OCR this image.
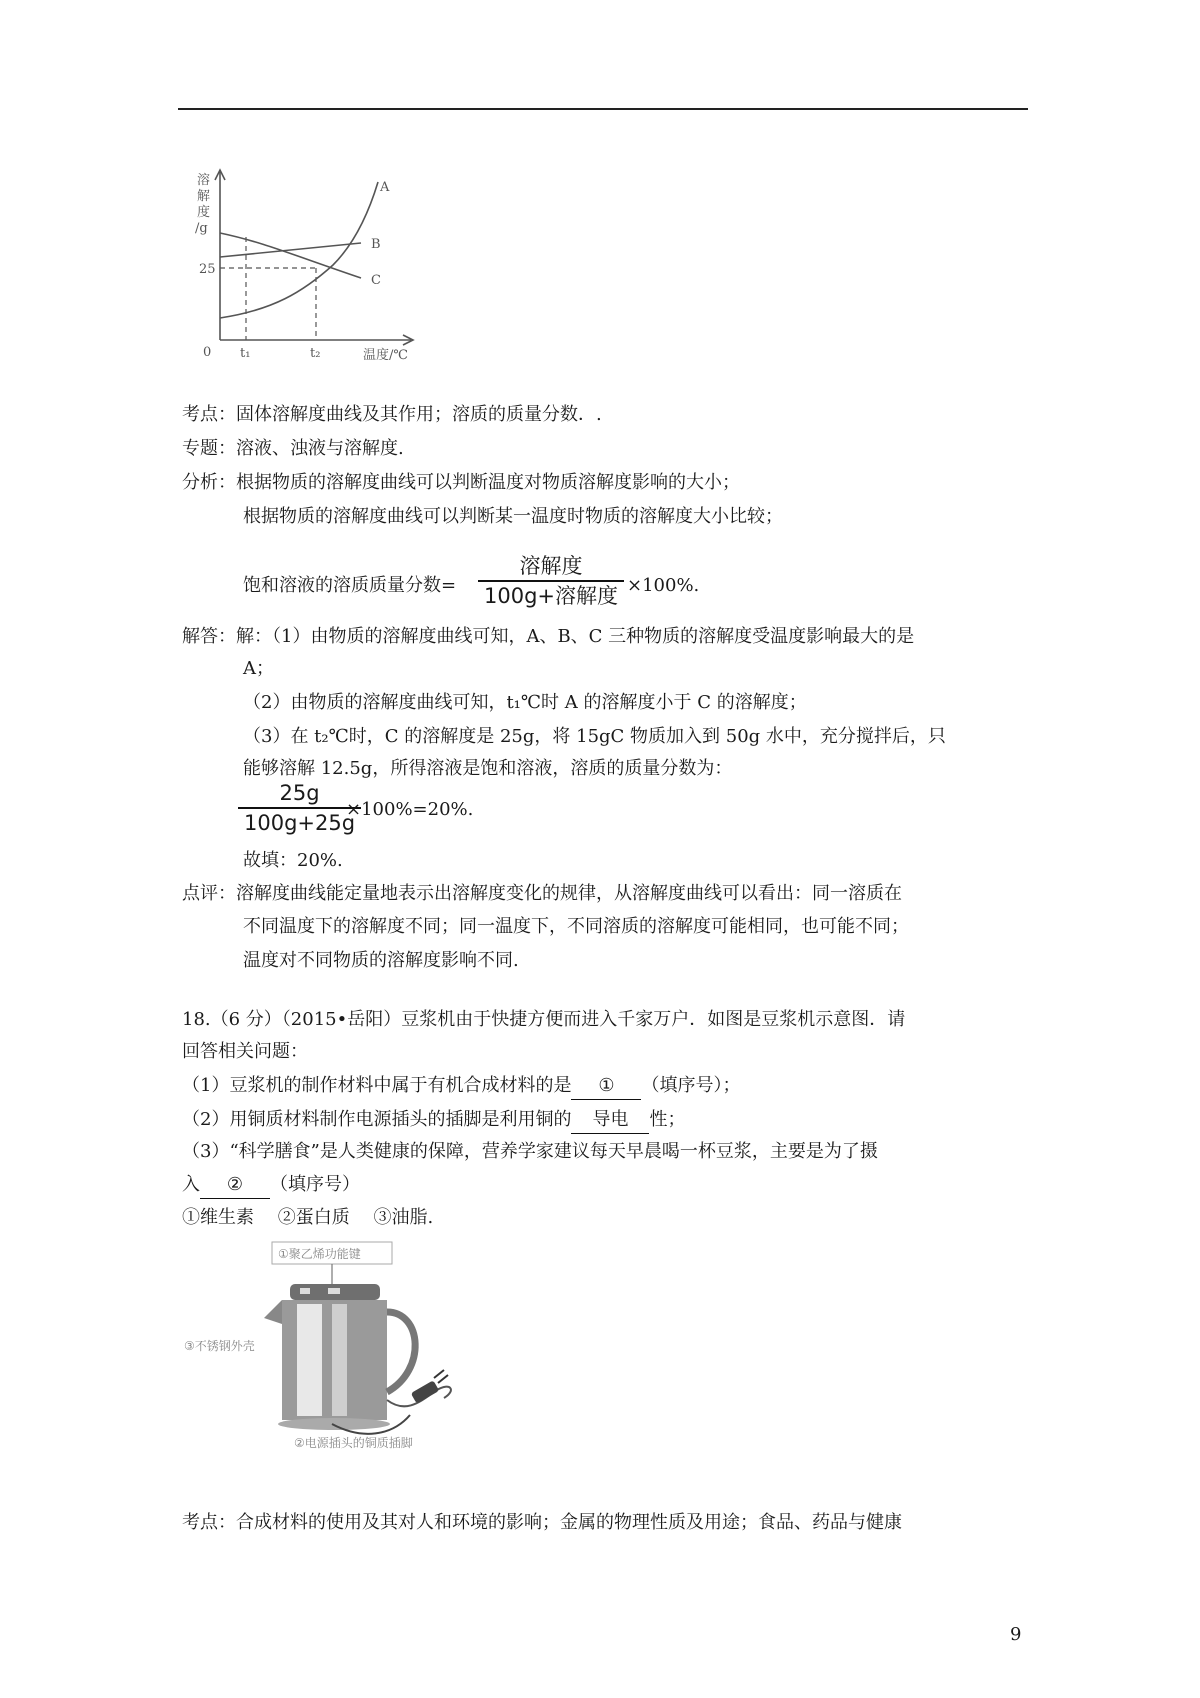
溶
解
度
/g
25
0 t₁	t₂	温度/℃
A
B
C
考点：固体溶解度曲线及其作用；溶质的质量分数．.
专题：溶液、浊液与溶解度.
分析：根据物质的溶解度曲线可以判断温度对物质溶解度影响的大小；
根据物质的溶解度曲线可以判断某一温度时物质的溶解度大小比较；
饱和溶液的溶质质量分数=
溶解度
100g+溶解度 ×100%.
解答：解：（1）由物质的溶解度曲线可知，A、B、C 三种物质的溶解度受温度影响最大的是
A；
（2）由物质的溶解度曲线可知，t₁℃时 A 的溶解度小于 C 的溶解度；
（3）在 t₂℃时，C 的溶解度是 25g，将 15gC 物质加入到 50g 水中，充分搅拌后，只
能够溶解 12.5g，所得溶液是饱和溶液，溶质的质量分数为：
$\frac{25g}{100g+25g}$
×100%=20%.
故填：20%.
点评：溶解度曲线能定量地表示出溶解度变化的规律，从溶解度曲线可以看出：同一溶质在
不同温度下的溶解度不同；同一温度下，不同溶质的溶解度可能相同，也可能不同；
温度对不同物质的溶解度影响不同.
18.（6 分）（2015•岳阳）豆浆机由于快捷方便而进入千家万户．如图是豆浆机示意图．请
回答相关问题：
（1）豆浆机的制作材料中属于有机合成材料的是 ① （填序号）；
（2）用铜质材料制作电源插头的插脚是利用铜的 导电 性；
（3）“科学膳食”是人类健康的保障，营养学家建议每天早晨喝一杯豆浆，主要是为了摄
入 ② （填序号）
①维生素　 ②蛋白质　 ③油脂.
①聚乙烯功能键
③不锈钢外壳
②电源插头的铜质插脚
考点：合成材料的使用及其对人和环境的影响；金属的物理性质及用途；食品、药品与健康
9
